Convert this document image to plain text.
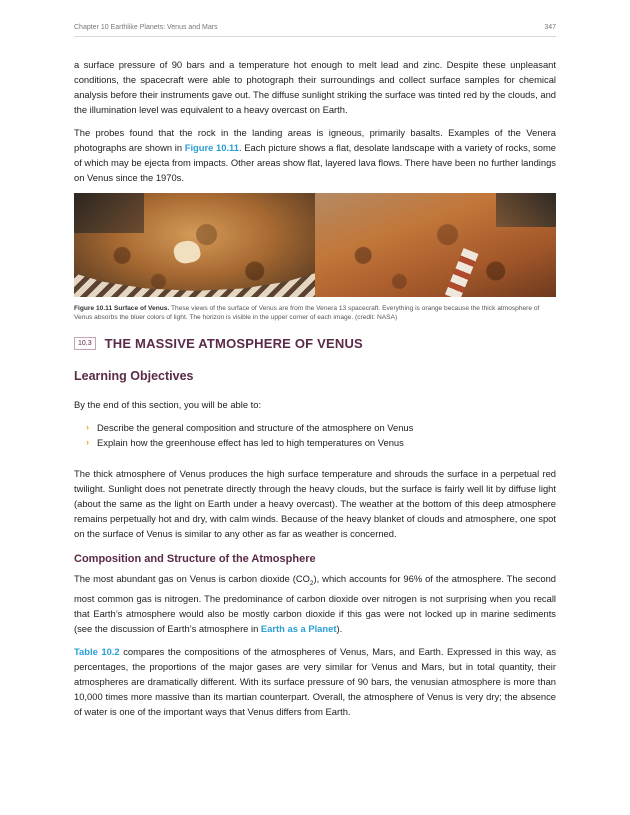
Chapter 10 Earthlike Planets: Venus and Mars	347

a surface pressure of 90 bars and a temperature hot enough to melt lead and zinc. Despite these unpleasant conditions, the spacecraft were able to photograph their surroundings and collect surface samples for chemical analysis before their instruments gave out. The diffuse sunlight striking the surface was tinted red by the clouds, and the illumination level was equivalent to a heavy overcast on Earth.

The probes found that the rock in the landing areas is igneous, primarily basalts. Examples of the Venera photographs are shown in Figure 10.11. Each picture shows a flat, desolate landscape with a variety of rocks, some of which may be ejecta from impacts. Other areas show flat, layered lava flows. There have been no further landings on Venus since the 1970s.

Figure 10.11 Surface of Venus. These views of the surface of Venus are from the Venera 13 spacecraft. Everything is orange because the thick atmosphere of Venus absorbs the bluer colors of light. The horizon is visible in the upper corner of each image. (credit: NASA)

10.3	THE MASSIVE ATMOSPHERE OF VENUS
Learning Objectives

By the end of this section, you will be able to:

› Describe the general composition and structure of the atmosphere on Venus
› Explain how the greenhouse effect has led to high temperatures on Venus

The thick atmosphere of Venus produces the high surface temperature and shrouds the surface in a perpetual red twilight. Sunlight does not penetrate directly through the heavy clouds, but the surface is fairly well lit by diffuse light (about the same as the light on Earth under a heavy overcast). The weather at the bottom of this deep atmosphere remains perpetually hot and dry, with calm winds. Because of the heavy blanket of clouds and atmosphere, one spot on the surface of Venus is similar to any other as far as weather is concerned.

Composition and Structure of the Atmosphere

The most abundant gas on Venus is carbon dioxide $(CO_2)$, which accounts for 96% of the atmosphere. The second most common gas is nitrogen. The predominance of carbon dioxide over nitrogen is not surprising when you recall that Earth’s atmosphere would also be mostly carbon dioxide if this gas were not locked up in marine sediments (see the discussion of Earth’s atmosphere in Earth as a Planet).

Table 10.2 compares the compositions of the atmospheres of Venus, Mars, and Earth. Expressed in this way, as percentages, the proportions of the major gases are very similar for Venus and Mars, but in total quantity, their atmospheres are dramatically different. With its surface pressure of 90 bars, the venusian atmosphere is more than 10,000 times more massive than its martian counterpart. Overall, the atmosphere of Venus is very dry; the absence of water is one of the important ways that Venus differs from Earth.
